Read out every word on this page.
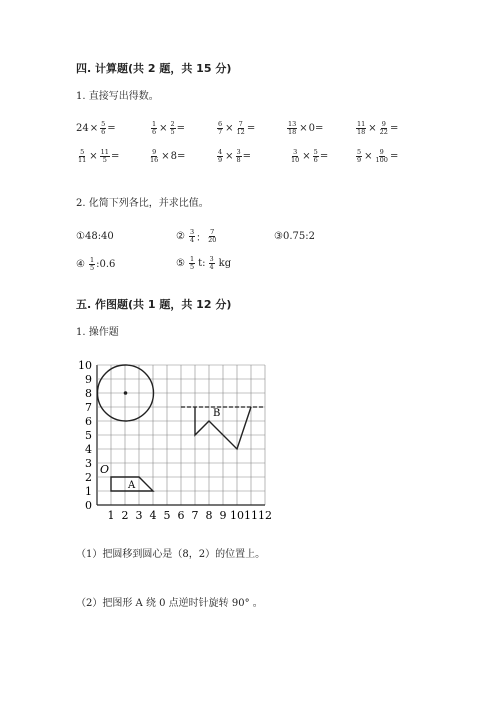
四. 计算题(共 2 题，共 15 分)
1. 直接写出得数。
$24 \times \frac{5}{6}$ =	$\frac{1}{6} \times \frac{2}{5}$ =	$\frac{6}{7} \times \frac{7}{12}$ =	$\frac{13}{18} \times 0=$	$\frac{11}{18} \times \frac{9}{22}$ =
$\frac{5}{11} \times \frac{11}{5}$ =	$\frac{9}{16} \times 8=$	$\frac{4}{9} \times \frac{3}{8}$ =	$\frac{3}{10} \times \frac{5}{6}$ =	$\frac{5}{9} \times \frac{9}{100}$ =
2. 化简下列各比，并求比值。
①48:40	② $\frac{3}{4}$ ： $\frac{7}{20}$	③0.75:2
④ $\frac{1}{5}$ :0.6	⑤ $\frac{1}{5} t$: $\frac{3}{4}$ kg
五. 作图题(共 1 题，共 12 分)
1. 操作题
0
1
2
3
4
5
6
7
8
9
10
1 2 3 4 5 6 7 8 9 10 11 12
O
A
B
（1）把圆移到圆心是（8，2）的位置上。
（2）把图形 A 绕 0 点逆时针旋转 90° 。
